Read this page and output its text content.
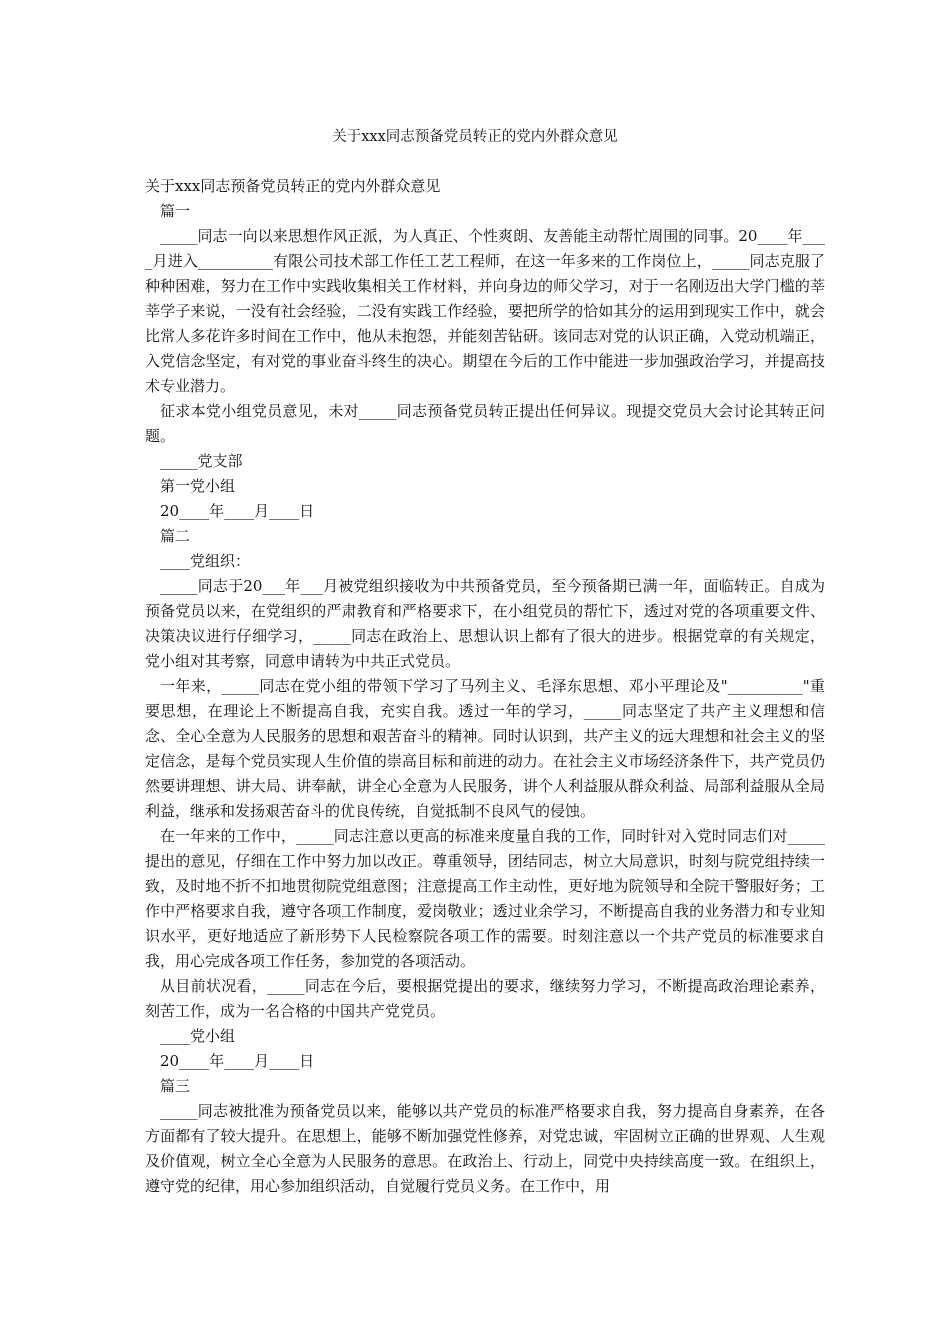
关于xxx同志预备党员转正的党内外群众意见

关于xxx同志预备党员转正的党内外群众意见

篇一

_____同志一向以来思想作风正派，为人真正、个性爽朗、友善能主动帮忙周围的同事。20____年____月进入__________有限公司技术部工作任工艺工程师，在这一年多来的工作岗位上，_____同志克服了种种困难，努力在工作中实践收集相关工作材料，并向身边的师父学习，对于一名刚迈出大学门槛的莘莘学子来说，一没有社会经验，二没有实践工作经验，要把所学的恰如其分的运用到现实工作中，就会比常人多花许多时间在工作中，他从未抱怨，并能刻苦钻研。该同志对党的认识正确，入党动机端正，入党信念坚定，有对党的事业奋斗终生的决心。期望在今后的工作中能进一步加强政治学习，并提高技术专业潜力。

征求本党小组党员意见，未对_____同志预备党员转正提出任何异议。现提交党员大会讨论其转正问题。

_____党支部

第一党小组

20____年____月____日

篇二

____党组织：

_____同志于20___年___月被党组织接收为中共预备党员，至今预备期已满一年，面临转正。自成为预备党员以来，在党组织的严肃教育和严格要求下，在小组党员的帮忙下，透过对党的各项重要文件、决策决议进行仔细学习，_____同志在政治上、思想认识上都有了很大的进步。根据党章的有关规定，党小组对其考察，同意申请转为中共正式党员。

一年来，_____同志在党小组的带领下学习了马列主义、毛泽东思想、邓小平理论及"__________"重要思想，在理论上不断提高自我，充实自我。透过一年的学习，_____同志坚定了共产主义理想和信念、全心全意为人民服务的思想和艰苦奋斗的精神。同时认识到，共产主义的远大理想和社会主义的坚定信念，是每个党员实现人生价值的崇高目标和前进的动力。在社会主义市场经济条件下，共产党员仍然要讲理想、讲大局、讲奉献，讲全心全意为人民服务，讲个人利益服从群众利益、局部利益服从全局利益，继承和发扬艰苦奋斗的优良传统，自觉抵制不良风气的侵蚀。

在一年来的工作中，_____同志注意以更高的标准来度量自我的工作，同时针对入党时同志们对_____提出的意见，仔细在工作中努力加以改正。尊重领导，团结同志，树立大局意识，时刻与院党组持续一致，及时地不折不扣地贯彻院党组意图；注意提高工作主动性，更好地为院领导和全院干警服好务；工作中严格要求自我，遵守各项工作制度，爱岗敬业；透过业余学习，不断提高自我的业务潜力和专业知识水平，更好地适应了新形势下人民检察院各项工作的需要。时刻注意以一个共产党员的标准要求自我，用心完成各项工作任务，参加党的各项活动。

从目前状况看，_____同志在今后，要根据党提出的要求，继续努力学习，不断提高政治理论素养，刻苦工作，成为一名合格的中国共产党党员。

____党小组

20____年____月____日

篇三

_____同志被批准为预备党员以来，能够以共产党员的标准严格要求自我，努力提高自身素养，在各方面都有了较大提升。在思想上，能够不断加强党性修养，对党忠诚，牢固树立正确的世界观、人生观及价值观，树立全心全意为人民服务的意思。在政治上、行动上，同党中央持续高度一致。在组织上，遵守党的纪律，用心参加组织活动，自觉履行党员义务。在工作中，用
